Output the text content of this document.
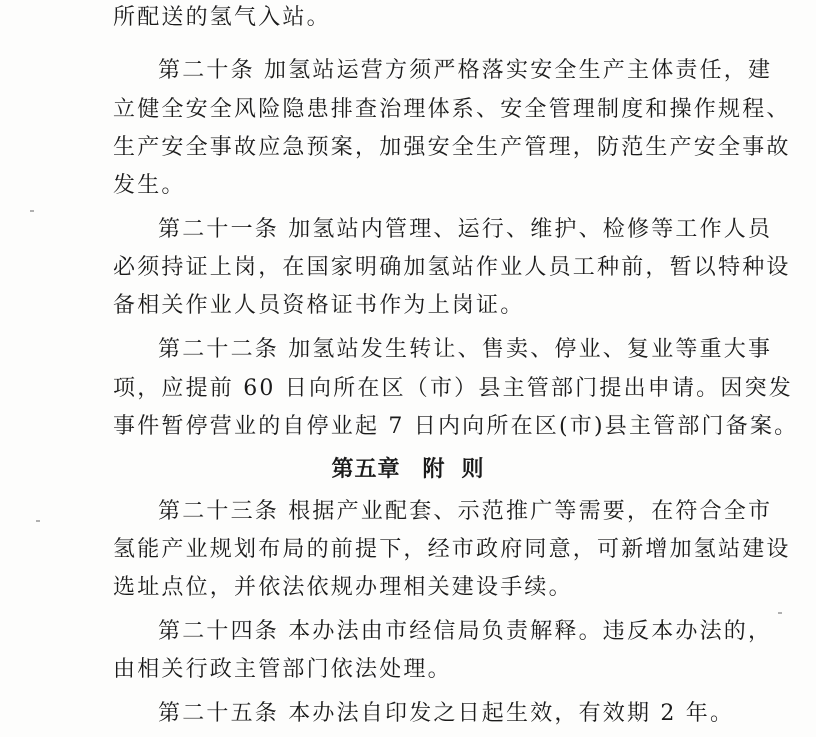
所配送的氢气入站。
第二十条 加氢站运营方须严格落实安全生产主体责任，建
立健全安全风险隐患排查治理体系、安全管理制度和操作规程、
生产安全事故应急预案，加强安全生产管理，防范生产安全事故
发生。
第二十一条 加氢站内管理、运行、维护、检修等工作人员
必须持证上岗，在国家明确加氢站作业人员工种前，暂以特种设
备相关作业人员资格证书作为上岗证。
第二十二条 加氢站发生转让、售卖、停业、复业等重大事
项，应提前 60 日向所在区（市）县主管部门提出申请。因突发
事件暂停营业的自停业起 7 日内向所在区(市)县主管部门备案。
第五章 附 则
第二十三条 根据产业配套、示范推广等需要，在符合全市
氢能产业规划布局的前提下，经市政府同意，可新增加氢站建设
选址点位，并依法依规办理相关建设手续。
第二十四条 本办法由市经信局负责解释。违反本办法的，
由相关行政主管部门依法处理。
第二十五条 本办法自印发之日起生效，有效期 2 年。
